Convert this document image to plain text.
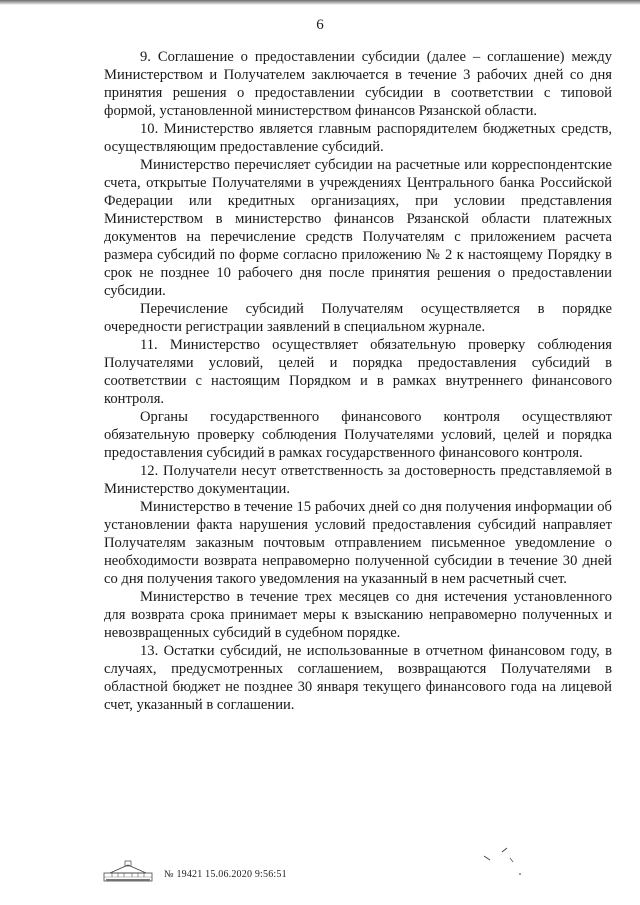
6

9. Соглашение о предоставлении субсидии (далее – соглашение) между Министерством и Получателем заключается в течение 3 рабочих дней со дня принятия решения о предоставлении субсидии в соответствии с типовой формой, установленной министерством финансов Рязанской области.

10. Министерство является главным распорядителем бюджетных средств, осуществляющим предоставление субсидий.

Министерство перечисляет субсидии на расчетные или корреспондентские счета, открытые Получателями в учреждениях Центрального банка Российской Федерации или кредитных организациях, при условии представления Министерством в министерство финансов Рязанской области платежных документов на перечисление средств Получателям с приложением расчета размера субсидий по форме согласно приложению № 2 к настоящему Порядку в срок не позднее 10 рабочего дня после принятия решения о предоставлении субсидии.

Перечисление субсидий Получателям осуществляется в порядке очередности регистрации заявлений в специальном журнале.

11. Министерство осуществляет обязательную проверку соблюдения Получателями условий, целей и порядка предоставления субсидий в соответствии с настоящим Порядком и в рамках внутреннего финансового контроля.

Органы государственного финансового контроля осуществляют обязательную проверку соблюдения Получателями условий, целей и порядка предоставления субсидий в рамках государственного финансового контроля.

12. Получатели несут ответственность за достоверность представляемой в Министерство документации.

Министерство в течение 15 рабочих дней со дня получения информации об установлении факта нарушения условий предоставления субсидий направляет Получателям заказным почтовым отправлением письменное уведомление о необходимости возврата неправомерно полученной субсидии в течение 30 дней со дня получения такого уведомления на указанный в нем расчетный счет.

Министерство в течение трех месяцев со дня истечения установленного для возврата срока принимает меры к взысканию неправомерно полученных и невозвращенных субсидий в судебном порядке.

13. Остатки субсидий, не использованные в отчетном финансовом году, в случаях, предусмотренных соглашением, возвращаются Получателями в областной бюджет не позднее 30 января текущего финансового года на лицевой счет, указанный в соглашении.

№ 19421 15.06.2020 9:56:51
